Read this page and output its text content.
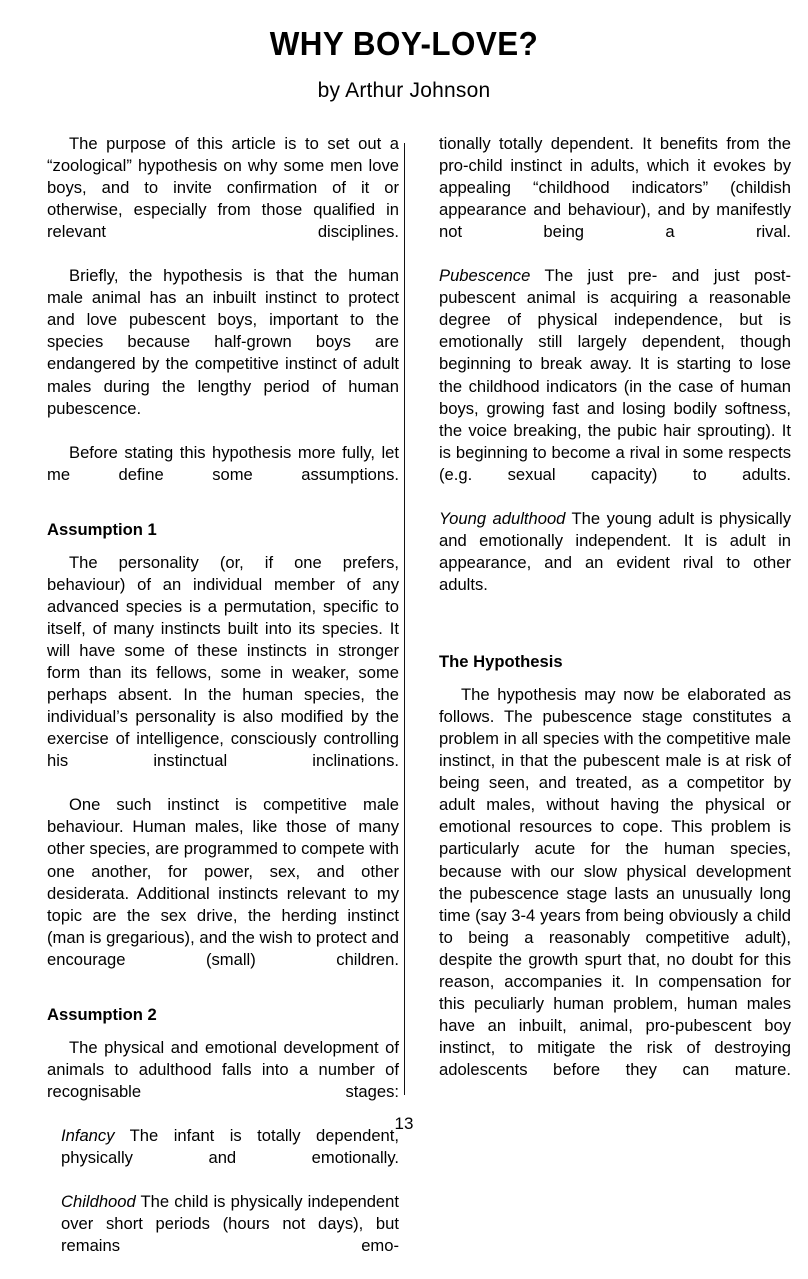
WHY BOY-LOVE?

by Arthur Johnson

The purpose of this article is to set out a “zoological” hypothesis on why some men love boys, and to invite confirmation of it or otherwise, especially from those qualified in relevant disciplines.

Briefly, the hypothesis is that the human male animal has an inbuilt instinct to protect and love pubescent boys, important to the species because half-grown boys are endangered by the competitive instinct of adult males during the lengthy period of human pubescence.

Before stating this hypothesis more fully, let me define some assumptions.

Assumption 1

The personality (or, if one prefers, behaviour) of an individual member of any advanced species is a permutation, specific to itself, of many instincts built into its species. It will have some of these instincts in stronger form than its fellows, some in weaker, some perhaps absent. In the human species, the individual’s personality is also modified by the exercise of intelligence, consciously controlling his instinctual inclinations.

One such instinct is competitive male behaviour. Human males, like those of many other species, are programmed to compete with one another, for power, sex, and other desiderata. Additional instincts relevant to my topic are the sex drive, the herding instinct (man is gregarious), and the wish to protect and encourage (small) children.

Assumption 2

The physical and emotional development of animals to adulthood falls into a number of recognisable stages:

Infancy The infant is totally dependent, physically and emotionally.

Childhood The child is physically independent over short periods (hours not days), but remains emo-

tionally totally dependent. It benefits from the pro-child instinct in adults, which it evokes by appealing “childhood indicators” (childish appearance and behaviour), and by manifestly not being a rival.

Pubescence The just pre- and just post-pubescent animal is acquiring a reasonable degree of physical independence, but is emotionally still largely dependent, though beginning to break away. It is starting to lose the childhood indicators (in the case of human boys, growing fast and losing bodily softness, the voice breaking, the pubic hair sprouting). It is beginning to become a rival in some respects (e.g. sexual capacity) to adults.

Young adulthood The young adult is physically and emotionally independent. It is adult in appearance, and an evident rival to other adults.

The Hypothesis

The hypothesis may now be elaborated as follows. The pubescence stage constitutes a problem in all species with the competitive male instinct, in that the pubescent male is at risk of being seen, and treated, as a competitor by adult males, without having the physical or emotional resources to cope. This problem is particularly acute for the human species, because with our slow physical development the pubescence stage lasts an unusually long time (say 3-4 years from being obviously a child to being a reasonably competitive adult), despite the growth spurt that, no doubt for this reason, accompanies it. In compensation for this peculiarly human problem, human males have an inbuilt, animal, pro-pubescent boy instinct, to mitigate the risk of destroying adolescents before they can mature.

13
